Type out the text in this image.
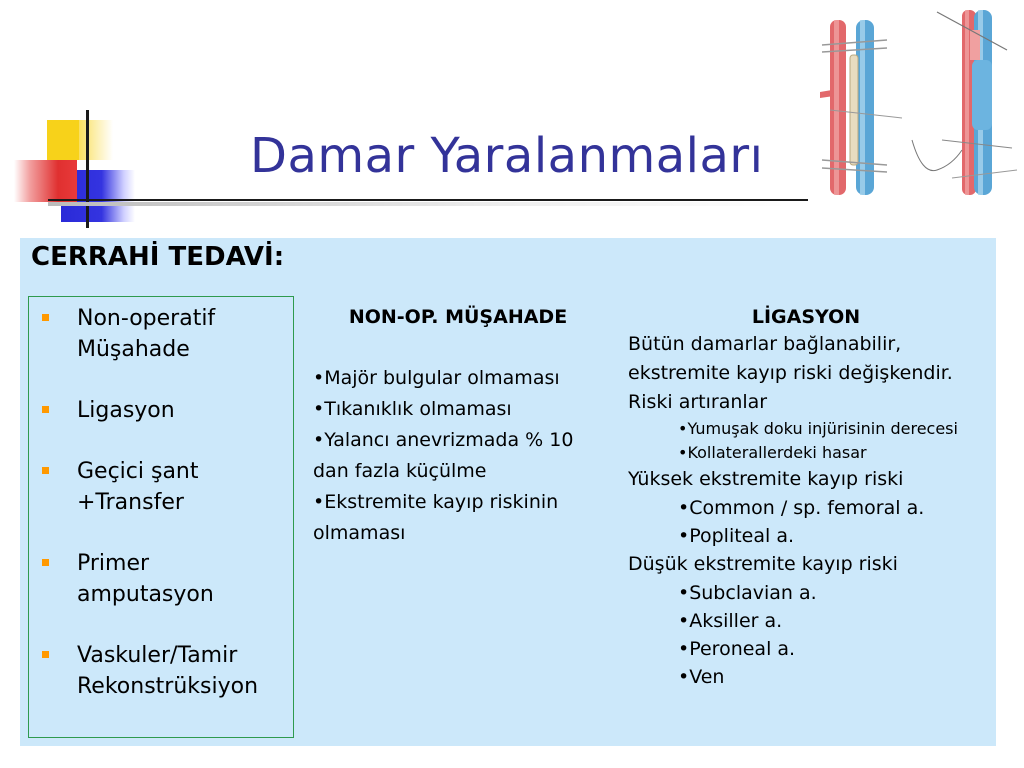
Damar Yaralanmaları
CERRAHİ TEDAVİ:
Non-operatif Müşahade
Ligasyon
Geçici şant +Transfer
Primer amputasyon
Vaskuler/Tamir Rekonstrüksiyon
NON-OP. MÜŞAHADE
•Majör bulgular olmaması
•Tıkanıklık olmaması
•Yalancı anevrizmada % 10 dan fazla küçülme
•Ekstremite kayıp riskinin olmaması
LİGASYON
Bütün damarlar bağlanabilir, ekstremite kayıp riski değişkendir. Riski artıranlar
•Yumuşak doku injürisinin derecesi
•Kollaterallerdeki hasar
Yüksek ekstremite kayıp riski
•Common / sp. femoral a.
•Popliteal a.
Düşük ekstremite kayıp riski
•Subclavian a.
•Aksiller a.
•Peroneal a.
•Ven
